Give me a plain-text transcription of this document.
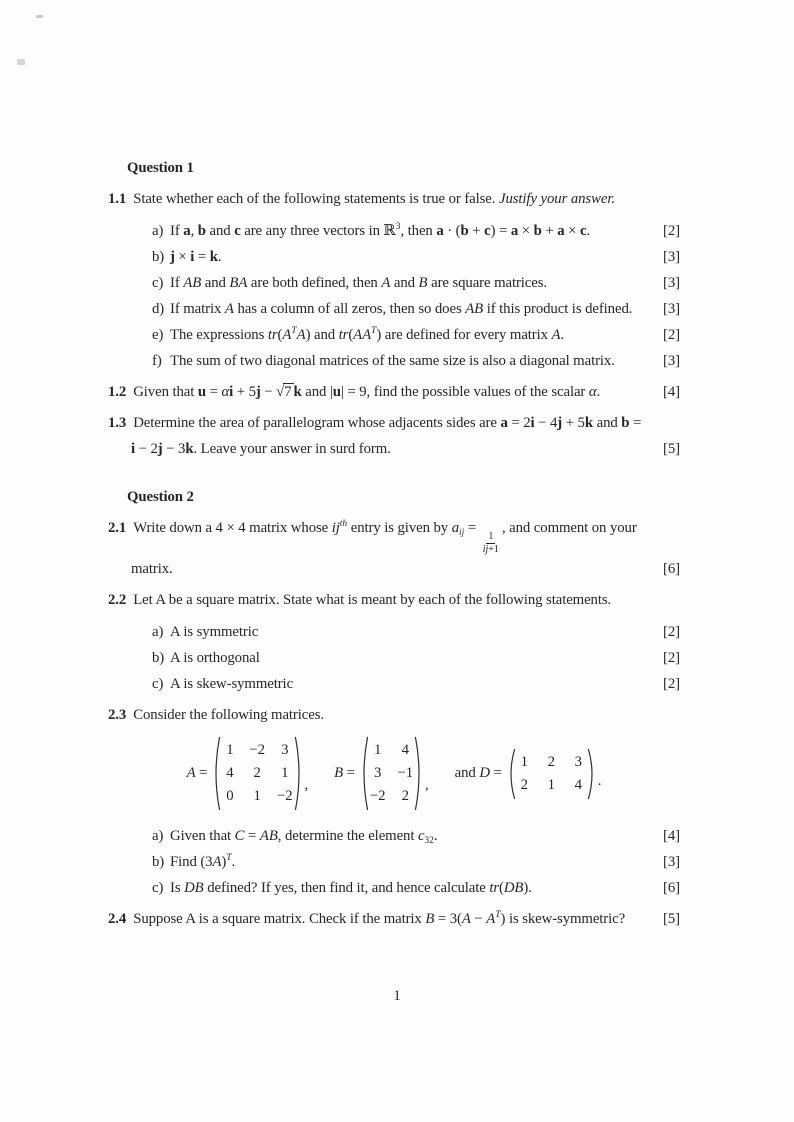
Question 1
1.1 State whether each of the following statements is true or false. Justify your answer.
a) If a, b and c are any three vectors in ℝ$^3$, then a · (b + c) = a × b + a × c.	[2]
b) j × i = k.	[3]
c) If AB and BA are both defined, then A and B are square matrices.	[3]
d) If matrix A has a column of all zeros, then so does AB if this product is defined. [3]
e) The expressions $tr(A^TA)$ and $tr(AA^T)$ are defined for every matrix A.	[2]
f) The sum of two diagonal matrices of the same size is also a diagonal matrix.	[3]
1.2 Given that u = αi + 5j − √7 k and |u| = 9, find the possible values of the scalar α.	[4]
1.3 Determine the area of parallelogram whose adjacents sides are a = 2i − 4j + 5k and b =
i − 2j − 3k. Leave your answer in surd form.	[5]
Question 2
2.1 Write down a 4 × 4 matrix whose $ij^{th}$ entry is given by $a_{ij}$ =
$\frac{1}{ij+1}$
, and comment on your
matrix.	[6]
2.2 Let A be a square matrix. State what is meant by each of the following statements.
a) A is symmetric	[2]
b) A is orthogonal	[2]
c) A is skew-symmetric	[2]
2.3 Consider the following matrices.
A =
1 −2 3
4 2 1
0 1 −2
,
B =
1 4
3 −1
−2 2
,
and D =
1 2 3
2 1 4 .
a) Given that C = AB, determine the element $c_{32}$.	[4]
b) Find $(3A)^T$.	[3]
c) Is DB defined? If yes, then find it, and hence calculate tr(DB).	[6]
2.4 Suppose A is a square matrix. Check if the matrix $B = 3(A - A^T)$ is skew-symmetric?	[5]
1
